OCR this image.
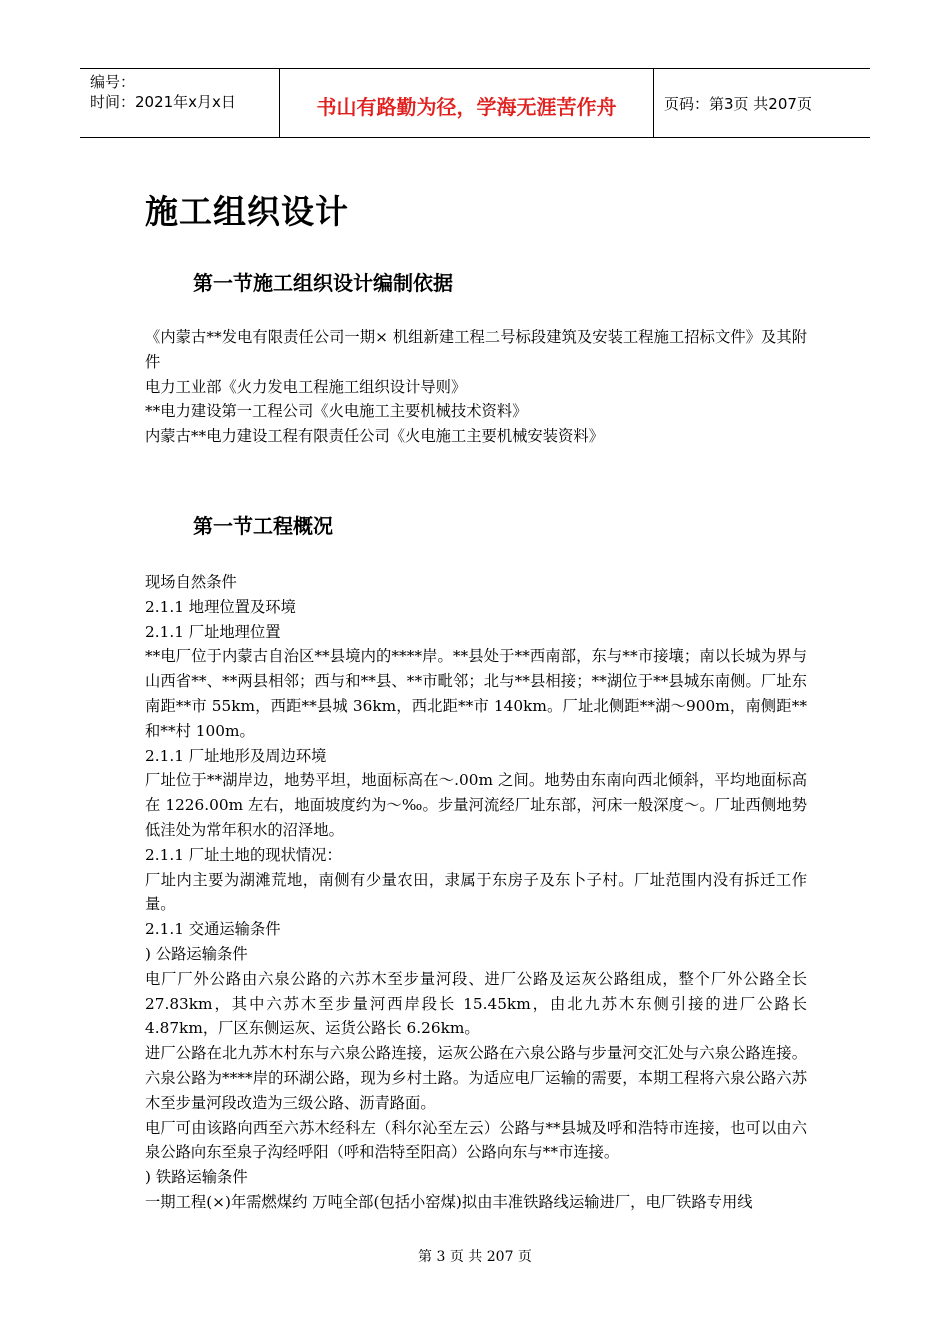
编号：
时间：2021年x月x日	书山有路勤为径，学海无涯苦作舟	页码：第3页 共207页
施工组织设计
第一节施工组织设计编制依据

《内蒙古**发电有限责任公司一期× 机组新建工程二号标段建筑及安装工程施工招标文件》及其附件

电力工业部《火力发电工程施工组织设计导则》

**电力建设第一工程公司《火电施工主要机械技术资料》

内蒙古**电力建设工程有限责任公司《火电施工主要机械安装资料》

第一节工程概况

现场自然条件

2.1.1 地理位置及环境

2.1.1 厂址地理位置

**电厂位于内蒙古自治区**县境内的****岸。**县处于**西南部，东与**市接壤；南以长城为界与山西省**、**两县相邻；西与和**县、**市毗邻；北与**县相接；**湖位于**县城东南侧。厂址东南距**市 55km，西距**县城 36km，西北距**市 140km。厂址北侧距**湖～900m，南侧距**和**村 100m。

2.1.1 厂址地形及周边环境

厂址位于**湖岸边，地势平坦，地面标高在～.00m 之间。地势由东南向西北倾斜，平均地面标高在 1226.00m 左右，地面坡度约为～‰。步量河流经厂址东部，河床一般深度～。厂址西侧地势低洼处为常年积水的沼泽地。

2.1.1 厂址土地的现状情况：

厂址内主要为湖滩荒地，南侧有少量农田，隶属于东房子及东卜子村。厂址范围内没有拆迁工作量。

2.1.1 交通运输条件

) 公路运输条件

电厂厂外公路由六泉公路的六苏木至步量河段、进厂公路及运灰公路组成，整个厂外公路全长 27.83km，其中六苏木至步量河西岸段长 15.45km，由北九苏木东侧引接的进厂公路长 4.87km，厂区东侧运灰、运货公路长 6.26km。

进厂公路在北九苏木村东与六泉公路连接，运灰公路在六泉公路与步量河交汇处与六泉公路连接。六泉公路为****岸的环湖公路，现为乡村土路。为适应电厂运输的需要，本期工程将六泉公路六苏木至步量河段改造为三级公路、沥青路面。

电厂可由该路向西至六苏木经科左（科尔沁至左云）公路与**县城及呼和浩特市连接，也可以由六泉公路向东至泉子沟经呼阳（呼和浩特至阳高）公路向东与**市连接。

) 铁路运输条件

一期工程(×)年需燃煤约 万吨全部(包括小窑煤)拟由丰准铁路线运输进厂，电厂铁路专用线

第 3 页 共 207 页
